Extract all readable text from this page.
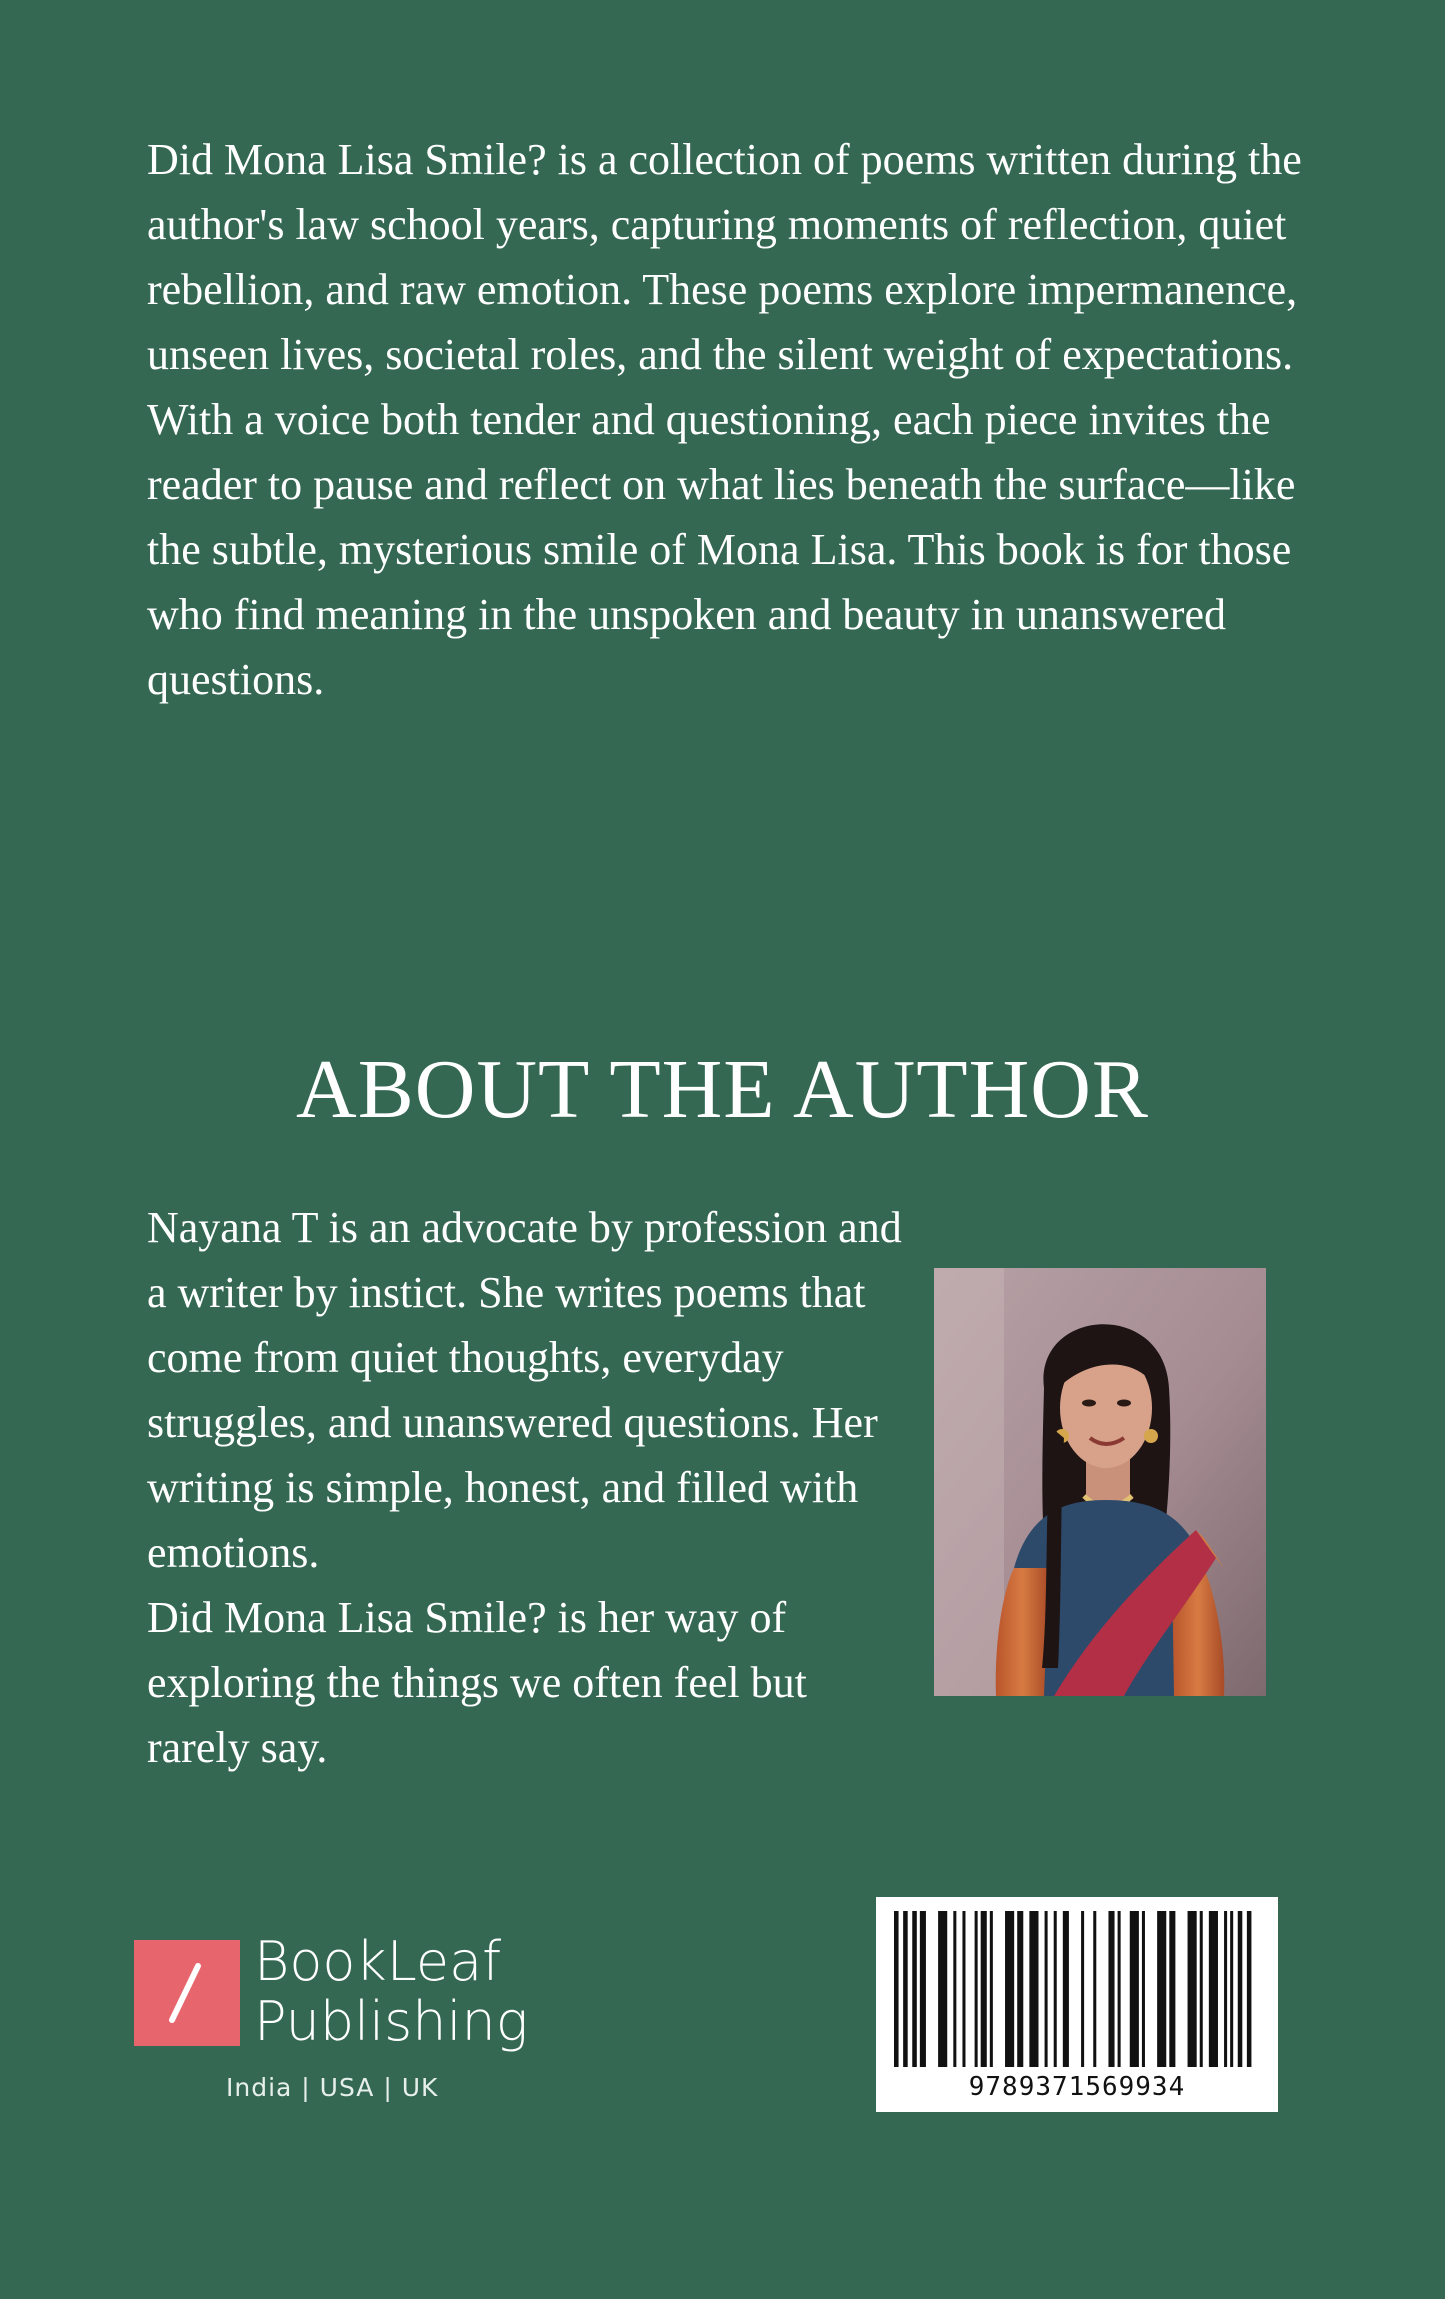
Did Mona Lisa Smile? is a collection of poems written during the author's law school years, capturing moments of reflection, quiet rebellion, and raw emotion. These poems explore impermanence, unseen lives, societal roles, and the silent weight of expectations. With a voice both tender and questioning, each piece invites the reader to pause and reflect on what lies beneath the surface—like the subtle, mysterious smile of Mona Lisa. This book is for those who find meaning in the unspoken and beauty in unanswered questions.

ABOUT THE AUTHOR

Nayana T is an advocate by profession and a writer by instict. She writes poems that come from quiet thoughts, everyday struggles, and unanswered questions. Her writing is simple, honest, and filled with emotions.

Did Mona Lisa Smile? is her way of exploring the things we often feel but rarely say.

BookLeaf
Publishing
India | USA | UK	9789371569934
